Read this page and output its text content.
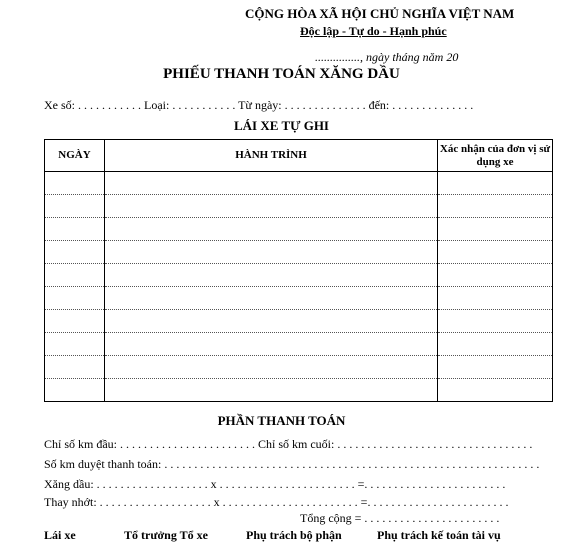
CỘNG HÒA XÃ HỘI CHỦ NGHĨA VIỆT NAM
Độc lập - Tự do - Hạnh phúc
..............., ngày tháng năm 20
PHIẾU THANH TOÁN XĂNG DẦU
Xe số: . . . . . . . . . . . Loại: . . . . . . . . . . . Từ ngày: . . . . . . . . . . . . . . đến: . . . . . . . . . . . . . .
LÁI XE TỰ GHI
NGÀY	HÀNH TRÌNH	Xác nhận của đơn vị sử dụng xe

PHẦN THANH TOÁN
Chỉ số km đầu: . . . . . . . . . . . . . . . . . . . . . . . Chỉ số km cuối: . . . . . . . . . . . . . . . . . . . . . . . . . . . . . . . . .
Số km duyệt thanh toán: . . . . . . . . . . . . . . . . . . . . . . . . . . . . . . . . . . . . . . . . . . . . . . . . . . . . . . . . . . . . . . .
Xăng dầu: . . . . . . . . . . . . . . . . . . . x . . . . . . . . . . . . . . . . . . . . . . . =. . . . . . . . . . . . . . . . . . . . . . . .
Thay nhớt: . . . . . . . . . . . . . . . . . . . x . . . . . . . . . . . . . . . . . . . . . . . =. . . . . . . . . . . . . . . . . . . . . . . .
Tổng cộng = . . . . . . . . . . . . . . . . . . . . . . .
Lái xe	Tổ trưởng Tổ xe	Phụ trách bộ phận	Phụ trách kế toán tài vụ
